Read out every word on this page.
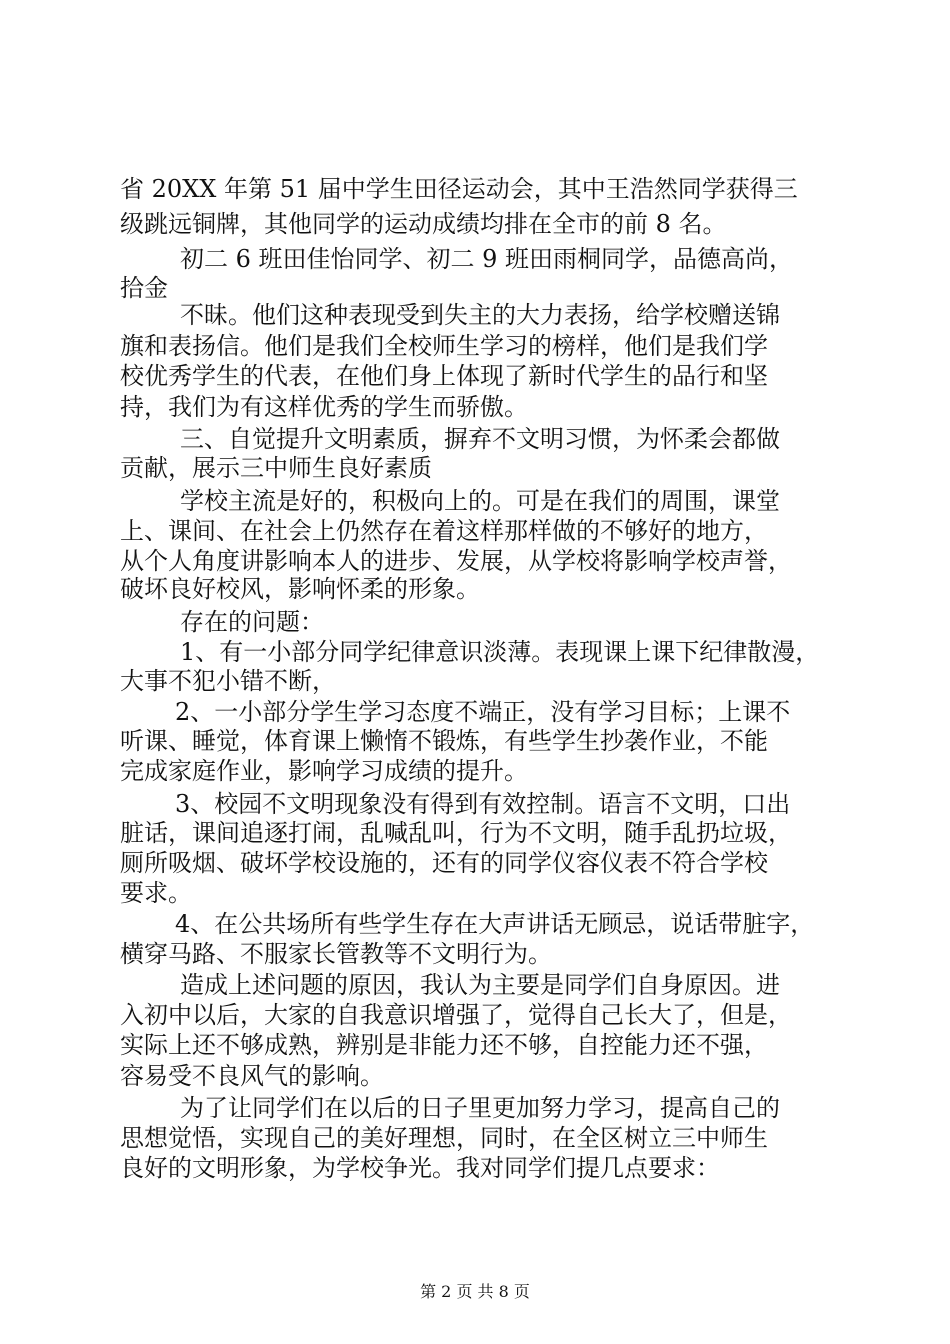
省 20XX 年第 51 届中学生田径运动会，其中王浩然同学获得三

级跳远铜牌，其他同学的运动成绩均排在全市的前 8 名。

初二 6 班田佳怡同学、初二 9 班田雨桐同学，品德高尚，

拾金

不昧。他们这种表现受到失主的大力表扬，给学校赠送锦

旗和表扬信。他们是我们全校师生学习的榜样，他们是我们学

校优秀学生的代表，在他们身上体现了新时代学生的品行和坚

持，我们为有这样优秀的学生而骄傲。

三、自觉提升文明素质，摒弃不文明习惯，为怀柔会都做

贡献，展示三中师生良好素质

学校主流是好的，积极向上的。可是在我们的周围，课堂

上、课间、在社会上仍然存在着这样那样做的不够好的地方，

从个人角度讲影响本人的进步、发展，从学校将影响学校声誉，

破坏良好校风，影响怀柔的形象。

存在的问题：

1、有一小部分同学纪律意识淡薄。表现课上课下纪律散漫，

大事不犯小错不断，

2、一小部分学生学习态度不端正，没有学习目标；上课不

听课、睡觉，体育课上懒惰不锻炼，有些学生抄袭作业，不能

完成家庭作业，影响学习成绩的提升。

3、校园不文明现象没有得到有效控制。语言不文明，口出

脏话，课间追逐打闹，乱喊乱叫，行为不文明，随手乱扔垃圾，

厕所吸烟、破坏学校设施的，还有的同学仪容仪表不符合学校

要求。

4、在公共场所有些学生存在大声讲话无顾忌，说话带脏字，

横穿马路、不服家长管教等不文明行为。

造成上述问题的原因，我认为主要是同学们自身原因。进

入初中以后，大家的自我意识增强了，觉得自己长大了，但是，

实际上还不够成熟，辨别是非能力还不够，自控能力还不强，

容易受不良风气的影响。

为了让同学们在以后的日子里更加努力学习，提高自己的

思想觉悟，实现自己的美好理想，同时，在全区树立三中师生

良好的文明形象，为学校争光。我对同学们提几点要求：

第 2 页 共 8 页
